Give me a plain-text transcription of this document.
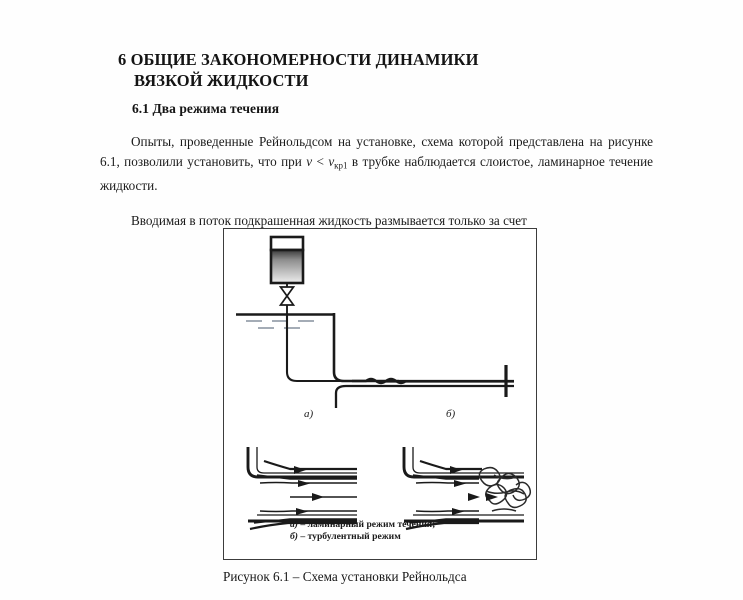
6 ОБЩИЕ ЗАКОНОМЕРНОСТИ ДИНАМИКИ
ВЯЗКОЙ ЖИДКОСТИ
6.1 Два режима течения

Опыты, проведенные Рейнольдсом на установке, схема которой представлена на рисунке 6.1, позволили установить, что при $v < v_{кр1}$ в трубке наблюдается слоистое, ламинарное течение жидкости.

Вводимая в поток подкрашенная жидкость размывается только за счет

а)	б)
а) – ламинарный режим течения;
б) – турбулентный режим
Рисунок 6.1 – Схема установки Рейнольдса
